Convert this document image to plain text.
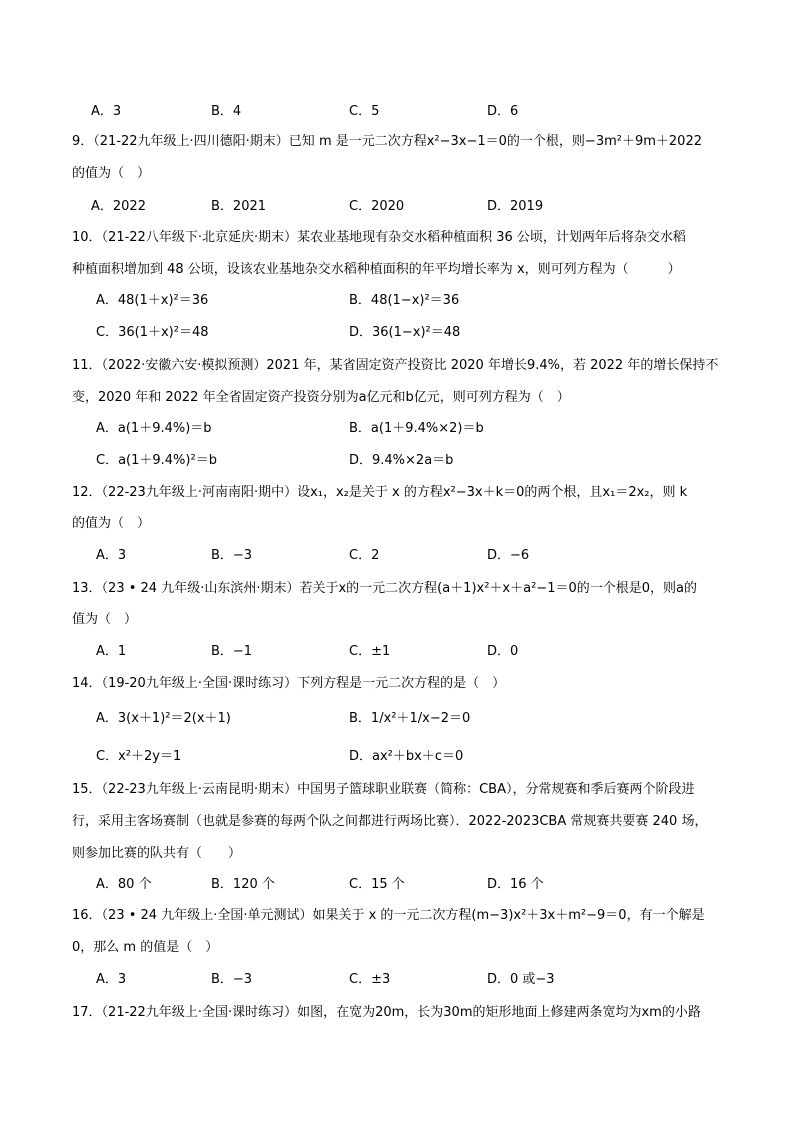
A．3	B．4	C．5	D．6
9．（21-22九年级上·四川德阳·期末）已知 m 是一元二次方程x²−3x−1＝0的一个根，则−3m²＋9m＋2022
的值为（　）
A．2022	B．2021	C．2020	D．2019
10．（21-22八年级下·北京延庆·期末）某农业基地现有杂交水稻种植面积 36 公顷，计划两年后将杂交水稻
种植面积增加到 48 公顷，设该农业基地杂交水稻种植面积的年平均增长率为 x，则可列方程为（　　　）
A．48(1＋x)²＝36	B．48(1−x)²＝36
C．36(1＋x)²＝48	D．36(1−x)²＝48
11．（2022·安徽六安·模拟预测）2021 年，某省固定资产投资比 2020 年增长9.4%，若 2022 年的增长保持不
变，2020 年和 2022 年全省固定资产投资分别为a亿元和b亿元，则可列方程为（　）
A．a(1＋9.4%)＝b	B．a(1＋9.4%×2)＝b
C．a(1＋9.4%)²＝b	D．9.4%×2a＝b
12．（22-23九年级上·河南南阳·期中）设x₁，x₂是关于 x 的方程x²−3x＋k＝0的两个根，且x₁＝2x₂，则 k
的值为（　）
A．3	B．−3	C．2	D．−6
13．（23 • 24 九年级·山东滨州·期末）若关于x的一元二次方程(a＋1)x²＋x＋a²−1＝0的一个根是0，则a的
值为（　）
A．1	B．−1	C．±1	D．0
14．（19-20九年级上·全国·课时练习）下列方程是一元二次方程的是（　）
A．3(x＋1)²＝2(x＋1)	B．1/x²＋1/x−2＝0
C．x²＋2y＝1	D．ax²＋bx＋c＝0
15．（22-23九年级上·云南昆明·期末）中国男子篮球职业联赛（简称：CBA），分常规赛和季后赛两个阶段进
行，采用主客场赛制（也就是参赛的每两个队之间都进行两场比赛）．2022-2023CBA 常规赛共要赛 240 场，
则参加比赛的队共有（　　）
A．80 个	B．120 个	C．15 个	D．16 个
16．（23 • 24 九年级上·全国·单元测试）如果关于 x 的一元二次方程(m−3)x²＋3x＋m²−9＝0，有一个解是
0，那么 m 的值是（　）
A．3	B．−3	C．±3	D．0 或−3
17．（21-22九年级上·全国·课时练习）如图，在宽为20m，长为30m的矩形地面上修建两条宽均为xm的小路
